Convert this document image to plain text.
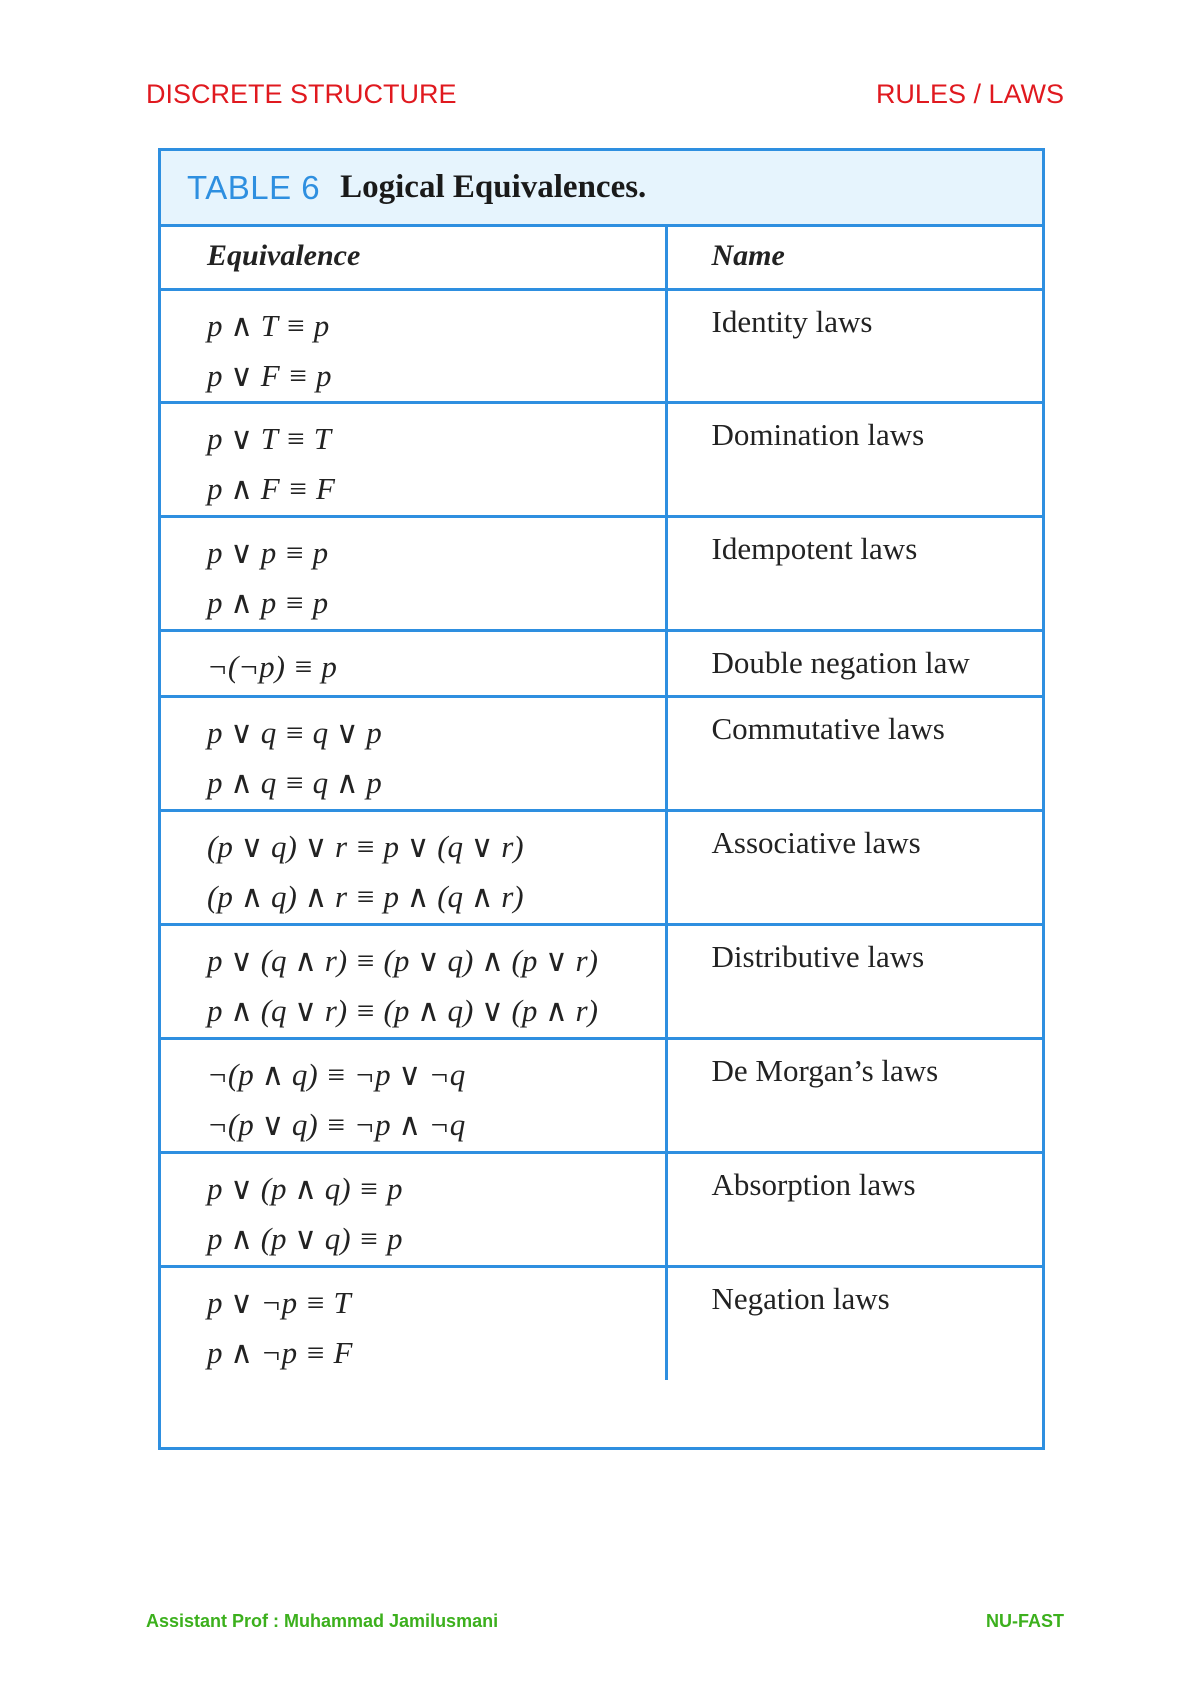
DISCRETE STRUCTURE	RULES / LAWS
TABLE 6 Logical Equivalences.
Equivalence	Name

p ∧ T ≡ p
p ∨ F ≡ p	Identity laws

p ∨ T ≡ T
p ∧ F ≡ F	Domination laws

p ∨ p ≡ p
p ∧ p ≡ p	Idempotent laws

¬(¬p) ≡ p	Double negation law

p ∨ q ≡ q ∨ p
p ∧ q ≡ q ∧ p	Commutative laws

(p ∨ q) ∨ r ≡ p ∨ (q ∨ r)
(p ∧ q) ∧ r ≡ p ∧ (q ∧ r)	Associative laws

p ∨ (q ∧ r) ≡ (p ∨ q) ∧ (p ∨ r)
p ∧ (q ∨ r) ≡ (p ∧ q) ∨ (p ∧ r)	Distributive laws

¬(p ∧ q) ≡ ¬p ∨ ¬q
¬(p ∨ q) ≡ ¬p ∧ ¬q	De Morgan’s laws

p ∨ (p ∧ q) ≡ p
p ∧ (p ∨ q) ≡ p	Absorption laws

p ∨ ¬p ≡ T
p ∧ ¬p ≡ F	Negation laws
Assistant Prof : Muhammad Jamilusmani	NU-FAST
